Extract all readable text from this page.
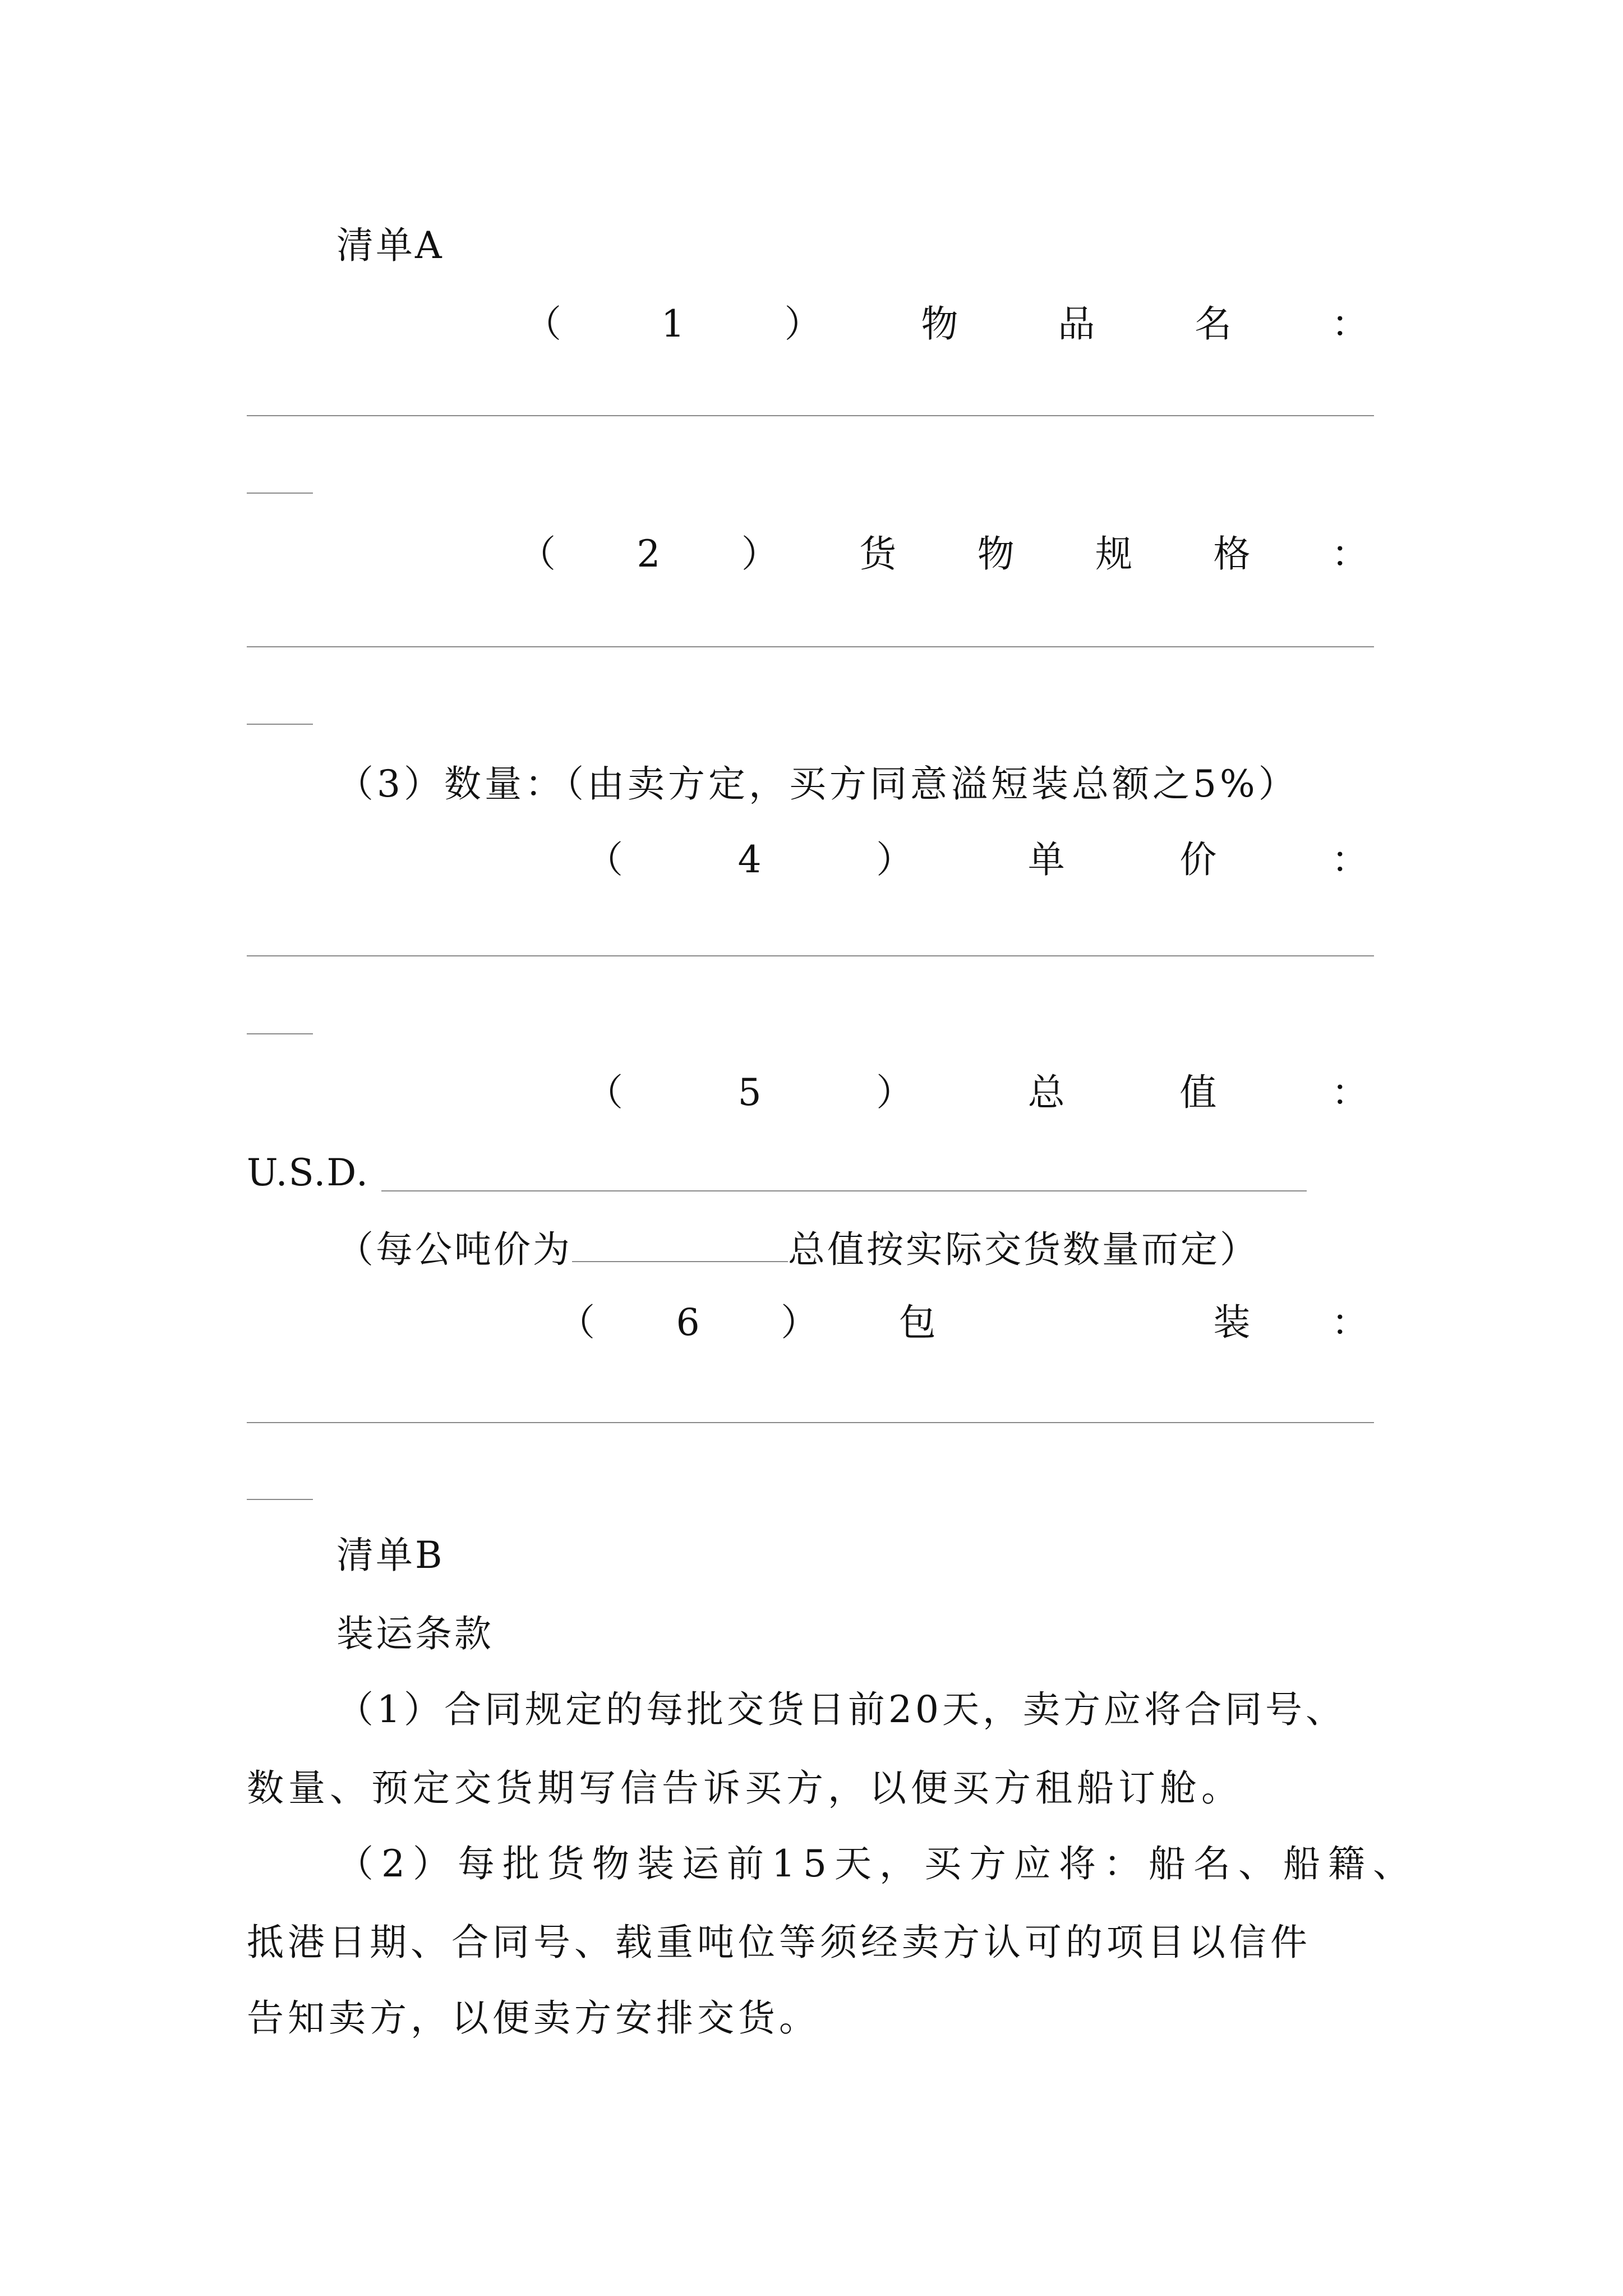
清单A
（	1	）	物	品	名	：
（ 2 ） 货 物 规 格 ：
（3）数量：（由卖方定，买方同意溢短装总额之5%）
（	4	）	单	价	：
（	5	）	总	值	：
U.S.D.
（每公吨价为	总值按实际交货数量而定）
（ 6 ） 包	装 ：
清单B
装运条款
（1）合同规定的每批交货日前20天，卖方应将合同号、
数量、预定交货期写信告诉买方，以便买方租船订舱。
（2）每批货物装运前15天，买方应将：船名、船籍、
抵港日期、合同号、载重吨位等须经卖方认可的项目以信件
告知卖方，以便卖方安排交货。
